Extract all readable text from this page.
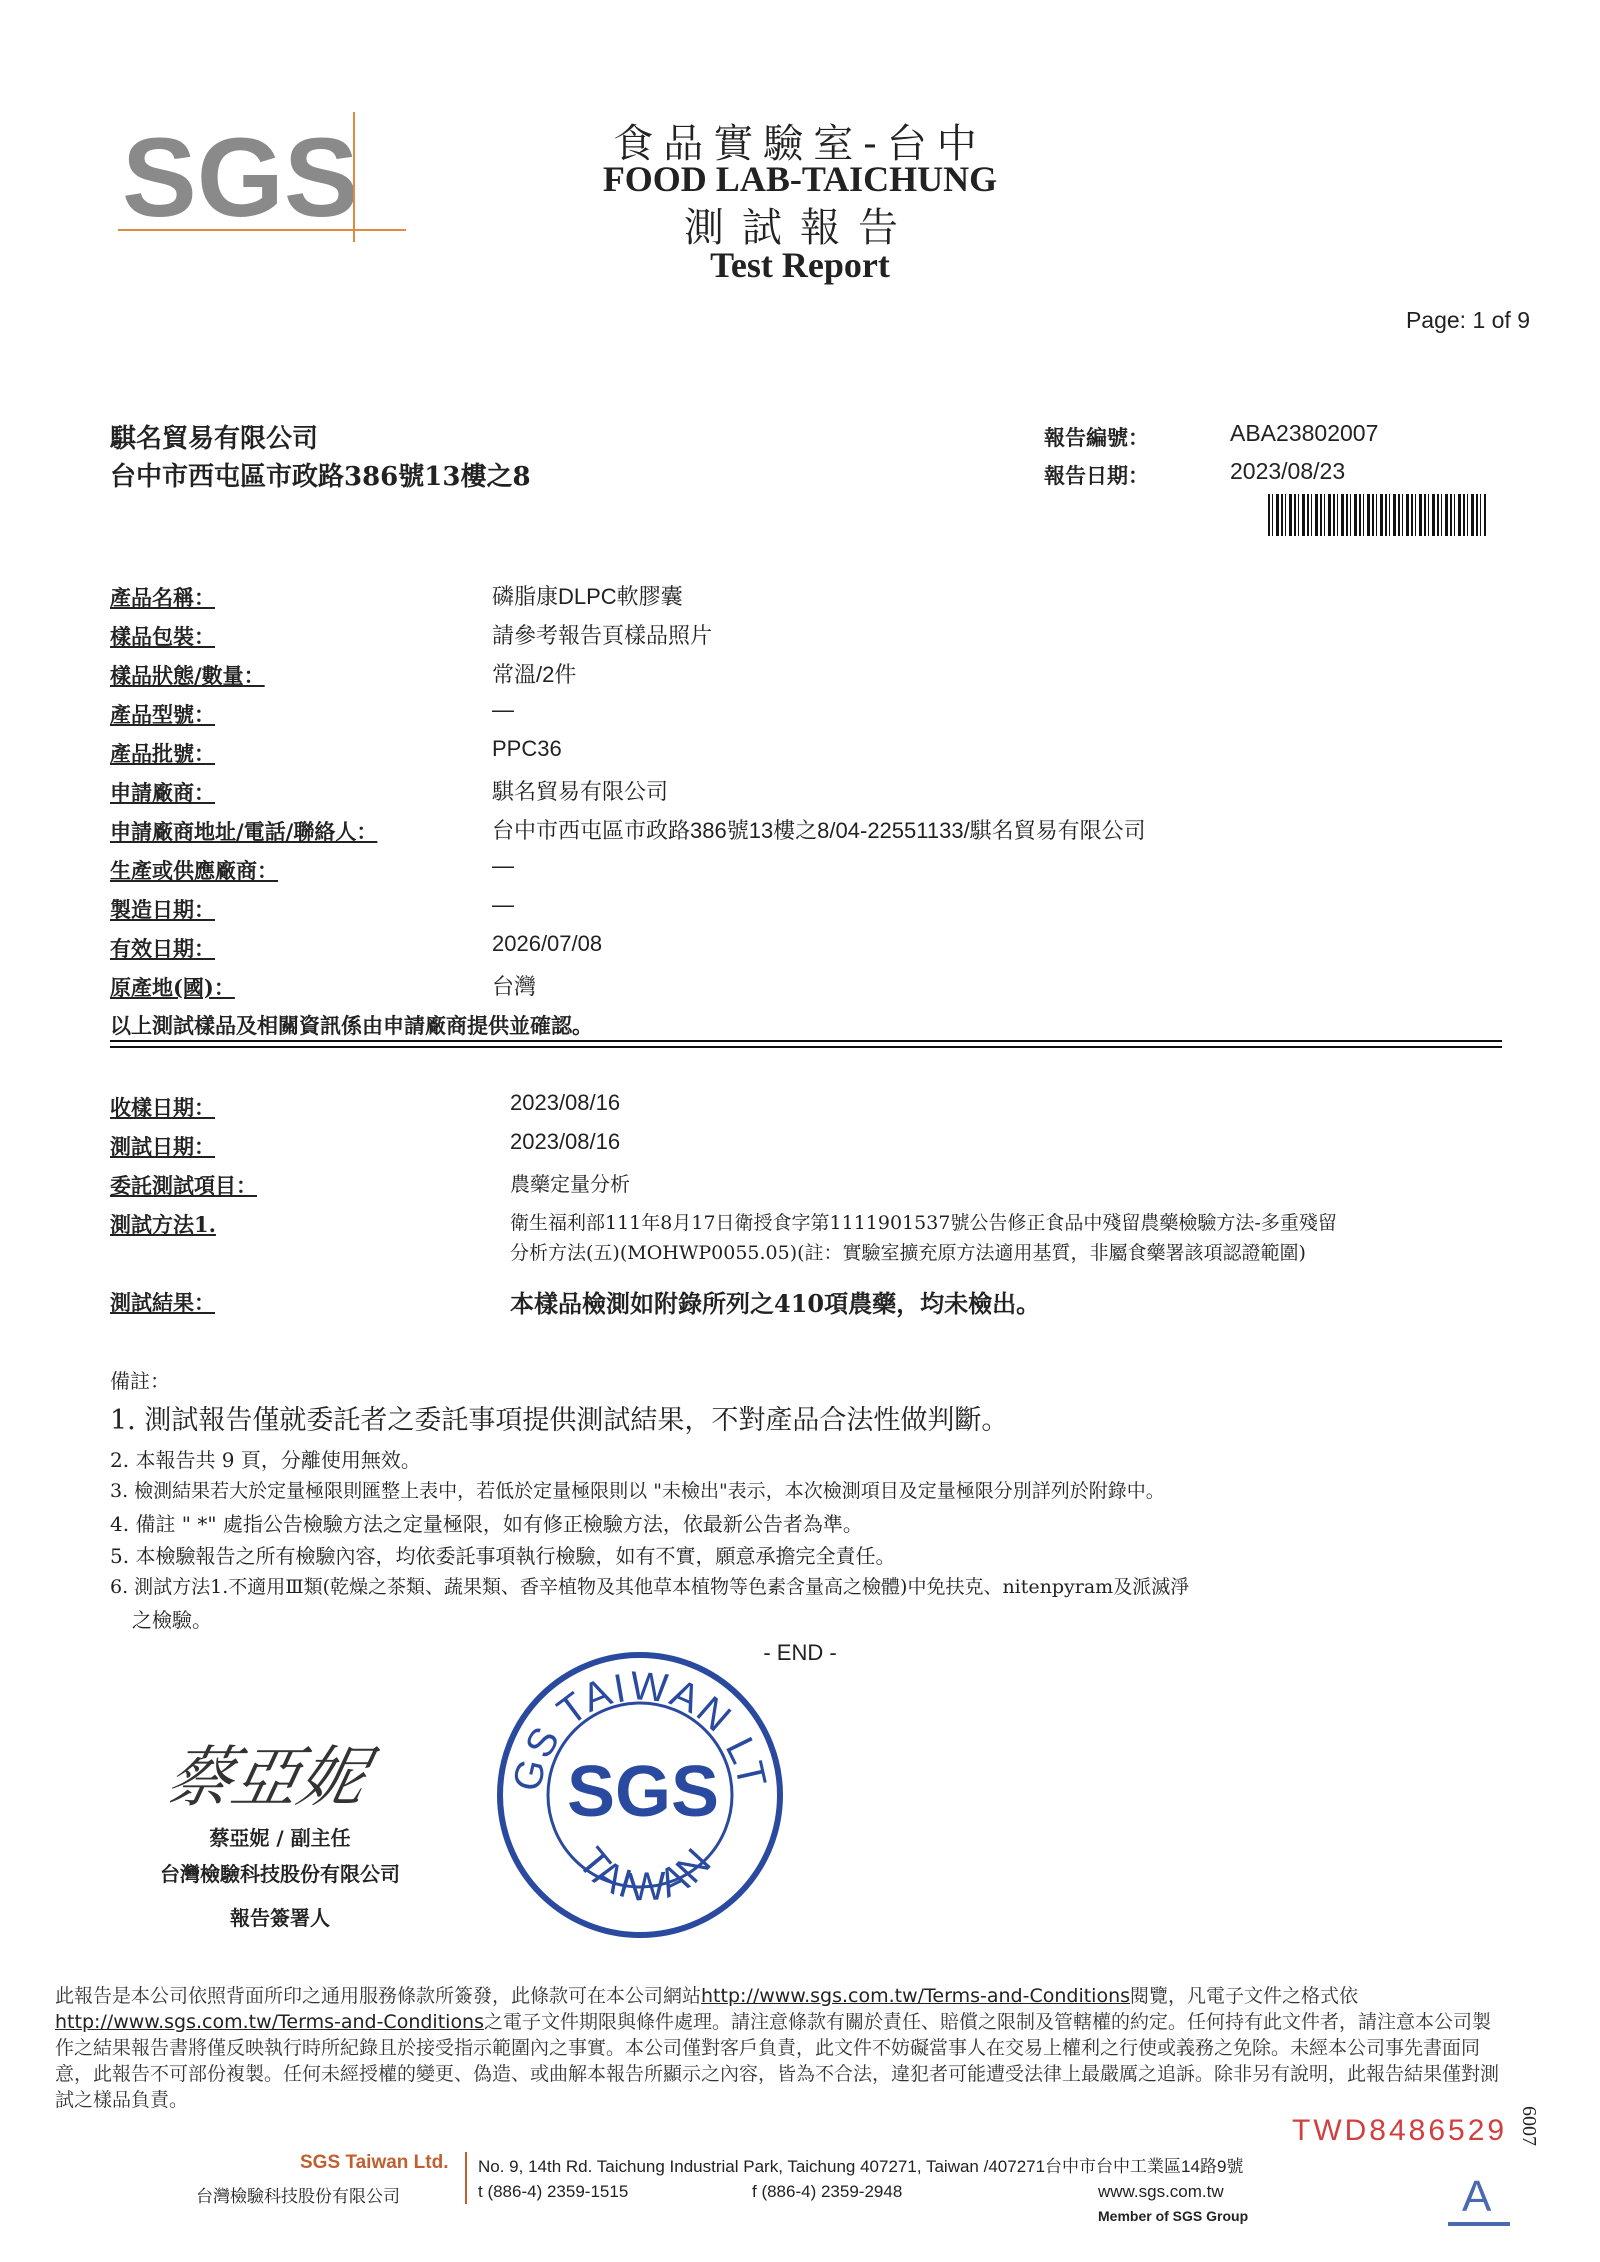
SGS	食品實驗室-台中
FOOD LAB-TAICHUNG
測試報告
Test Report
Page: 1 of 9
騏名貿易有限公司
台中市西屯區市政路386號13樓之8
報告編號：	ABA23802007
報告日期：	2023/08/23
產品名稱：	磷脂康DLPC軟膠囊
樣品包裝：	請參考報告頁樣品照片
樣品狀態/數量：	常溫/2件
產品型號：	—
產品批號：	PPC36
申請廠商：	騏名貿易有限公司
申請廠商地址/電話/聯絡人：	台中市西屯區市政路386號13樓之8/04-22551133/騏名貿易有限公司
生產或供應廠商：	—
製造日期：	—
有效日期：	2026/07/08
原產地(國)：	台灣
以上測試樣品及相關資訊係由申請廠商提供並確認。
收樣日期：	2023/08/16
測試日期：	2023/08/16
委託測試項目：	農藥定量分析
測試方法1.	衛生福利部111年8月17日衛授食字第1111901537號公告修正食品中殘留農藥檢驗方法-多重殘留
分析方法(五)(MOHWP0055.05)(註：實驗室擴充原方法適用基質，非屬食藥署該項認證範圍)
測試結果：	本樣品檢測如附錄所列之410項農藥，均未檢出。
備註：
1. 測試報告僅就委託者之委託事項提供測試結果，不對產品合法性做判斷。
2. 本報告共 9 頁，分離使用無效。
3. 檢測結果若大於定量極限則匯整上表中，若低於定量極限則以 "未檢出"表示，本次檢測項目及定量極限分別詳列於附錄中。
4. 備註 " *" 處指公告檢驗方法之定量極限，如有修正檢驗方法，依最新公告者為準。
5. 本檢驗報告之所有檢驗內容，均依委託事項執行檢驗，如有不實，願意承擔完全責任。
6. 測試方法1.不適用Ⅲ類(乾燥之茶類、蔬果類、香辛植物及其他草本植物等色素含量高之檢體)中免扶克、nitenpyram及派滅淨
之檢驗。
- END -
蔡亞妮
蔡亞妮 / 副主任
台灣檢驗科技股份有限公司
報告簽署人
GS TAIWAN LT
SGS
TAIWAN
此報告是本公司依照背面所印之通用服務條款所簽發，此條款可在本公司網站http://www.sgs.com.tw/Terms-and-Conditions閱覽，凡電子文件之格式依http://www.sgs.com.tw/Terms-and-Conditions之電子文件期限與條件處理。請注意條款有關於責任、賠償之限制及管轄權的約定。任何持有此文件者，請注意本公司製作之結果報告書將僅反映執行時所紀錄且於接受指示範圍內之事實。本公司僅對客戶負責，此文件不妨礙當事人在交易上權利之行使或義務之免除。未經本公司事先書面同意，此報告不可部份複製。任何未經授權的變更、偽造、或曲解本報告所顯示之內容，皆為不合法，違犯者可能遭受法律上最嚴厲之追訴。除非另有說明，此報告結果僅對測試之樣品負責。
TWD8486529 6007
SGS Taiwan Ltd.
台灣檢驗科技股份有限公司
No. 9, 14th Rd. Taichung Industrial Park, Taichung 407271, Taiwan /407271台中市台中工業區14路9號
t (886-4) 2359-1515	f (886-4) 2359-2948	www.sgs.com.tw
Member of SGS Group	A
